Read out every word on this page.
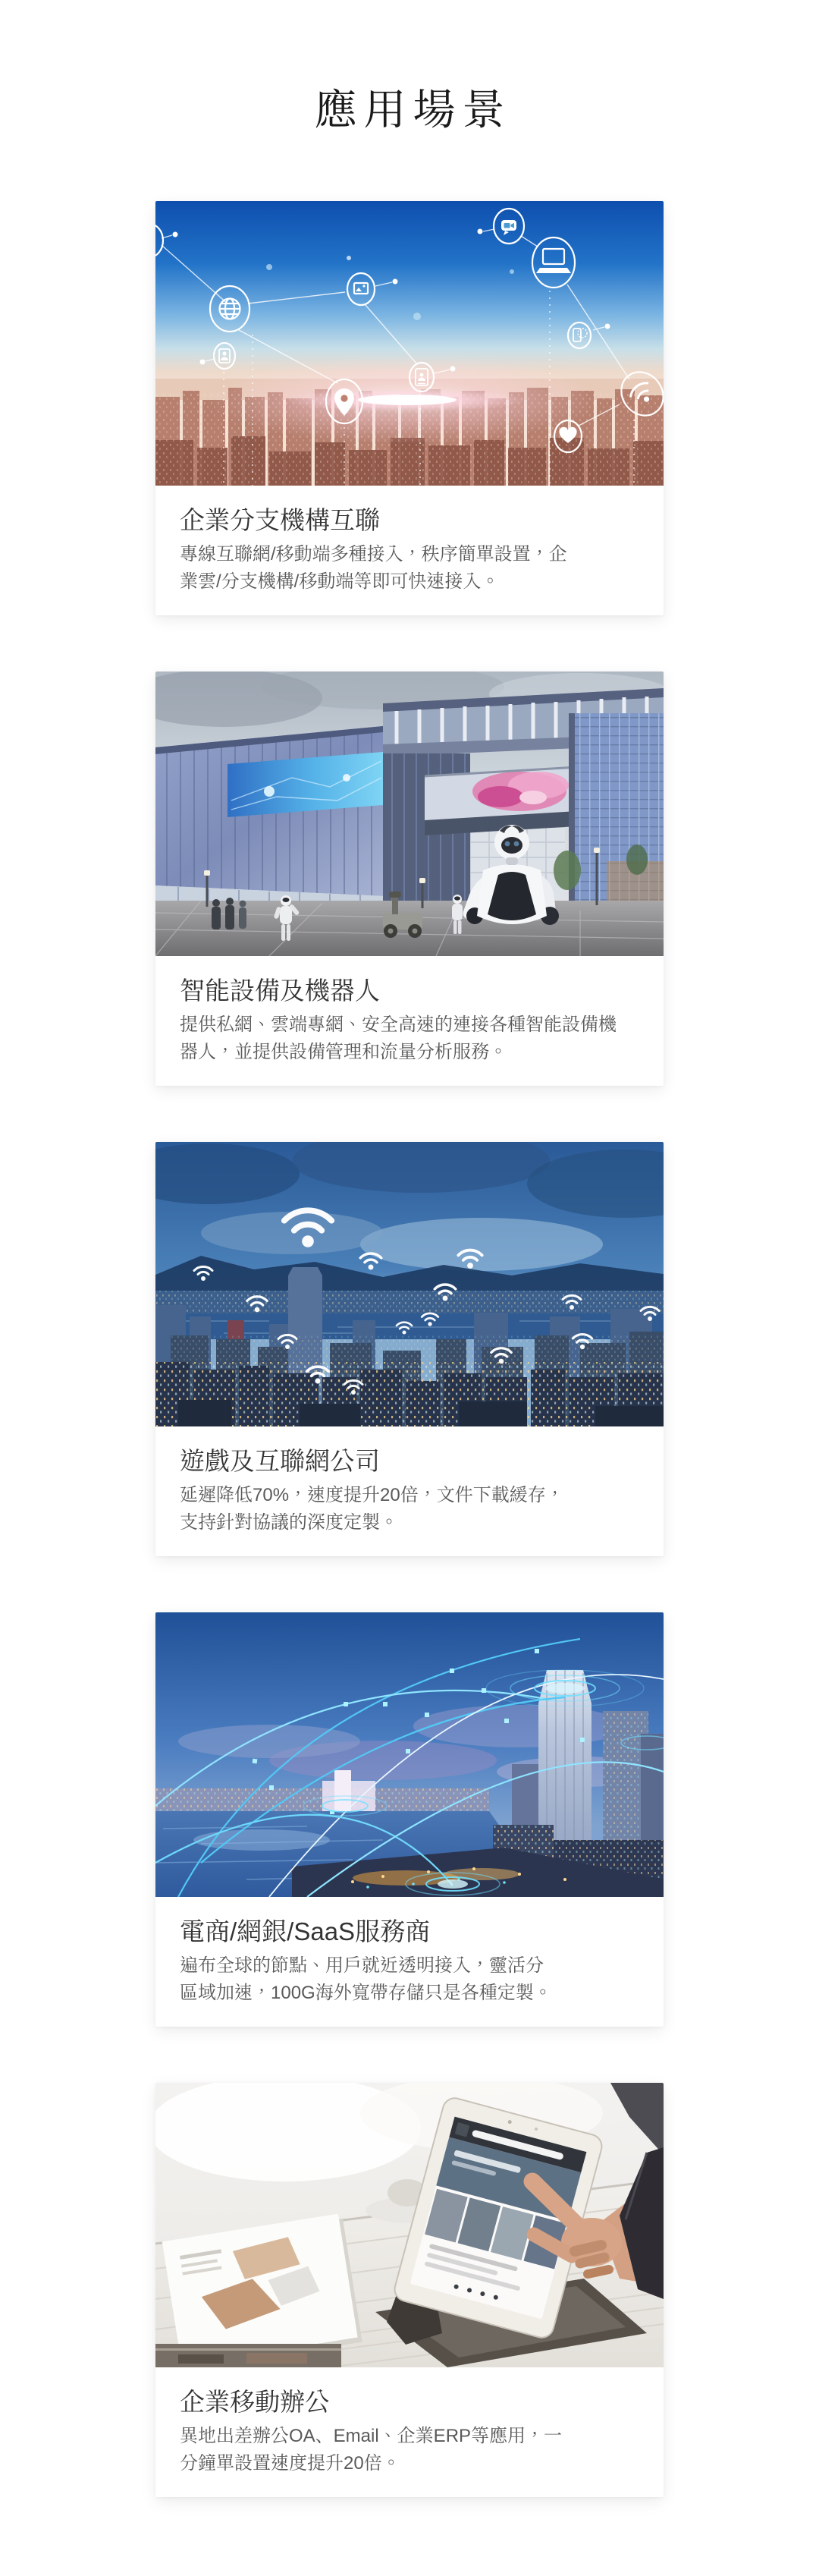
應用場景
企業分支機構互聯

專線互聯網/移動端多種接入，秩序簡單設置，企

業雲/分支機構/移動端等即可快速接入。

智能設備及機器人

提供私網、雲端專網、安全高速的連接各種智能設備機

器人，並提供設備管理和流量分析服務。

遊戲及互聯網公司

延遲降低70%，速度提升20倍，文件下載緩存，

支持針對協議的深度定製。

電商/網銀/SaaS服務商

遍布全球的節點、用戶就近透明接入，靈活分

區域加速，100G海外寬帶存儲只是各種定製。

企業移動辦公

異地出差辦公OA、Email、企業ERP等應用，一

分鐘單設置速度提升20倍。
